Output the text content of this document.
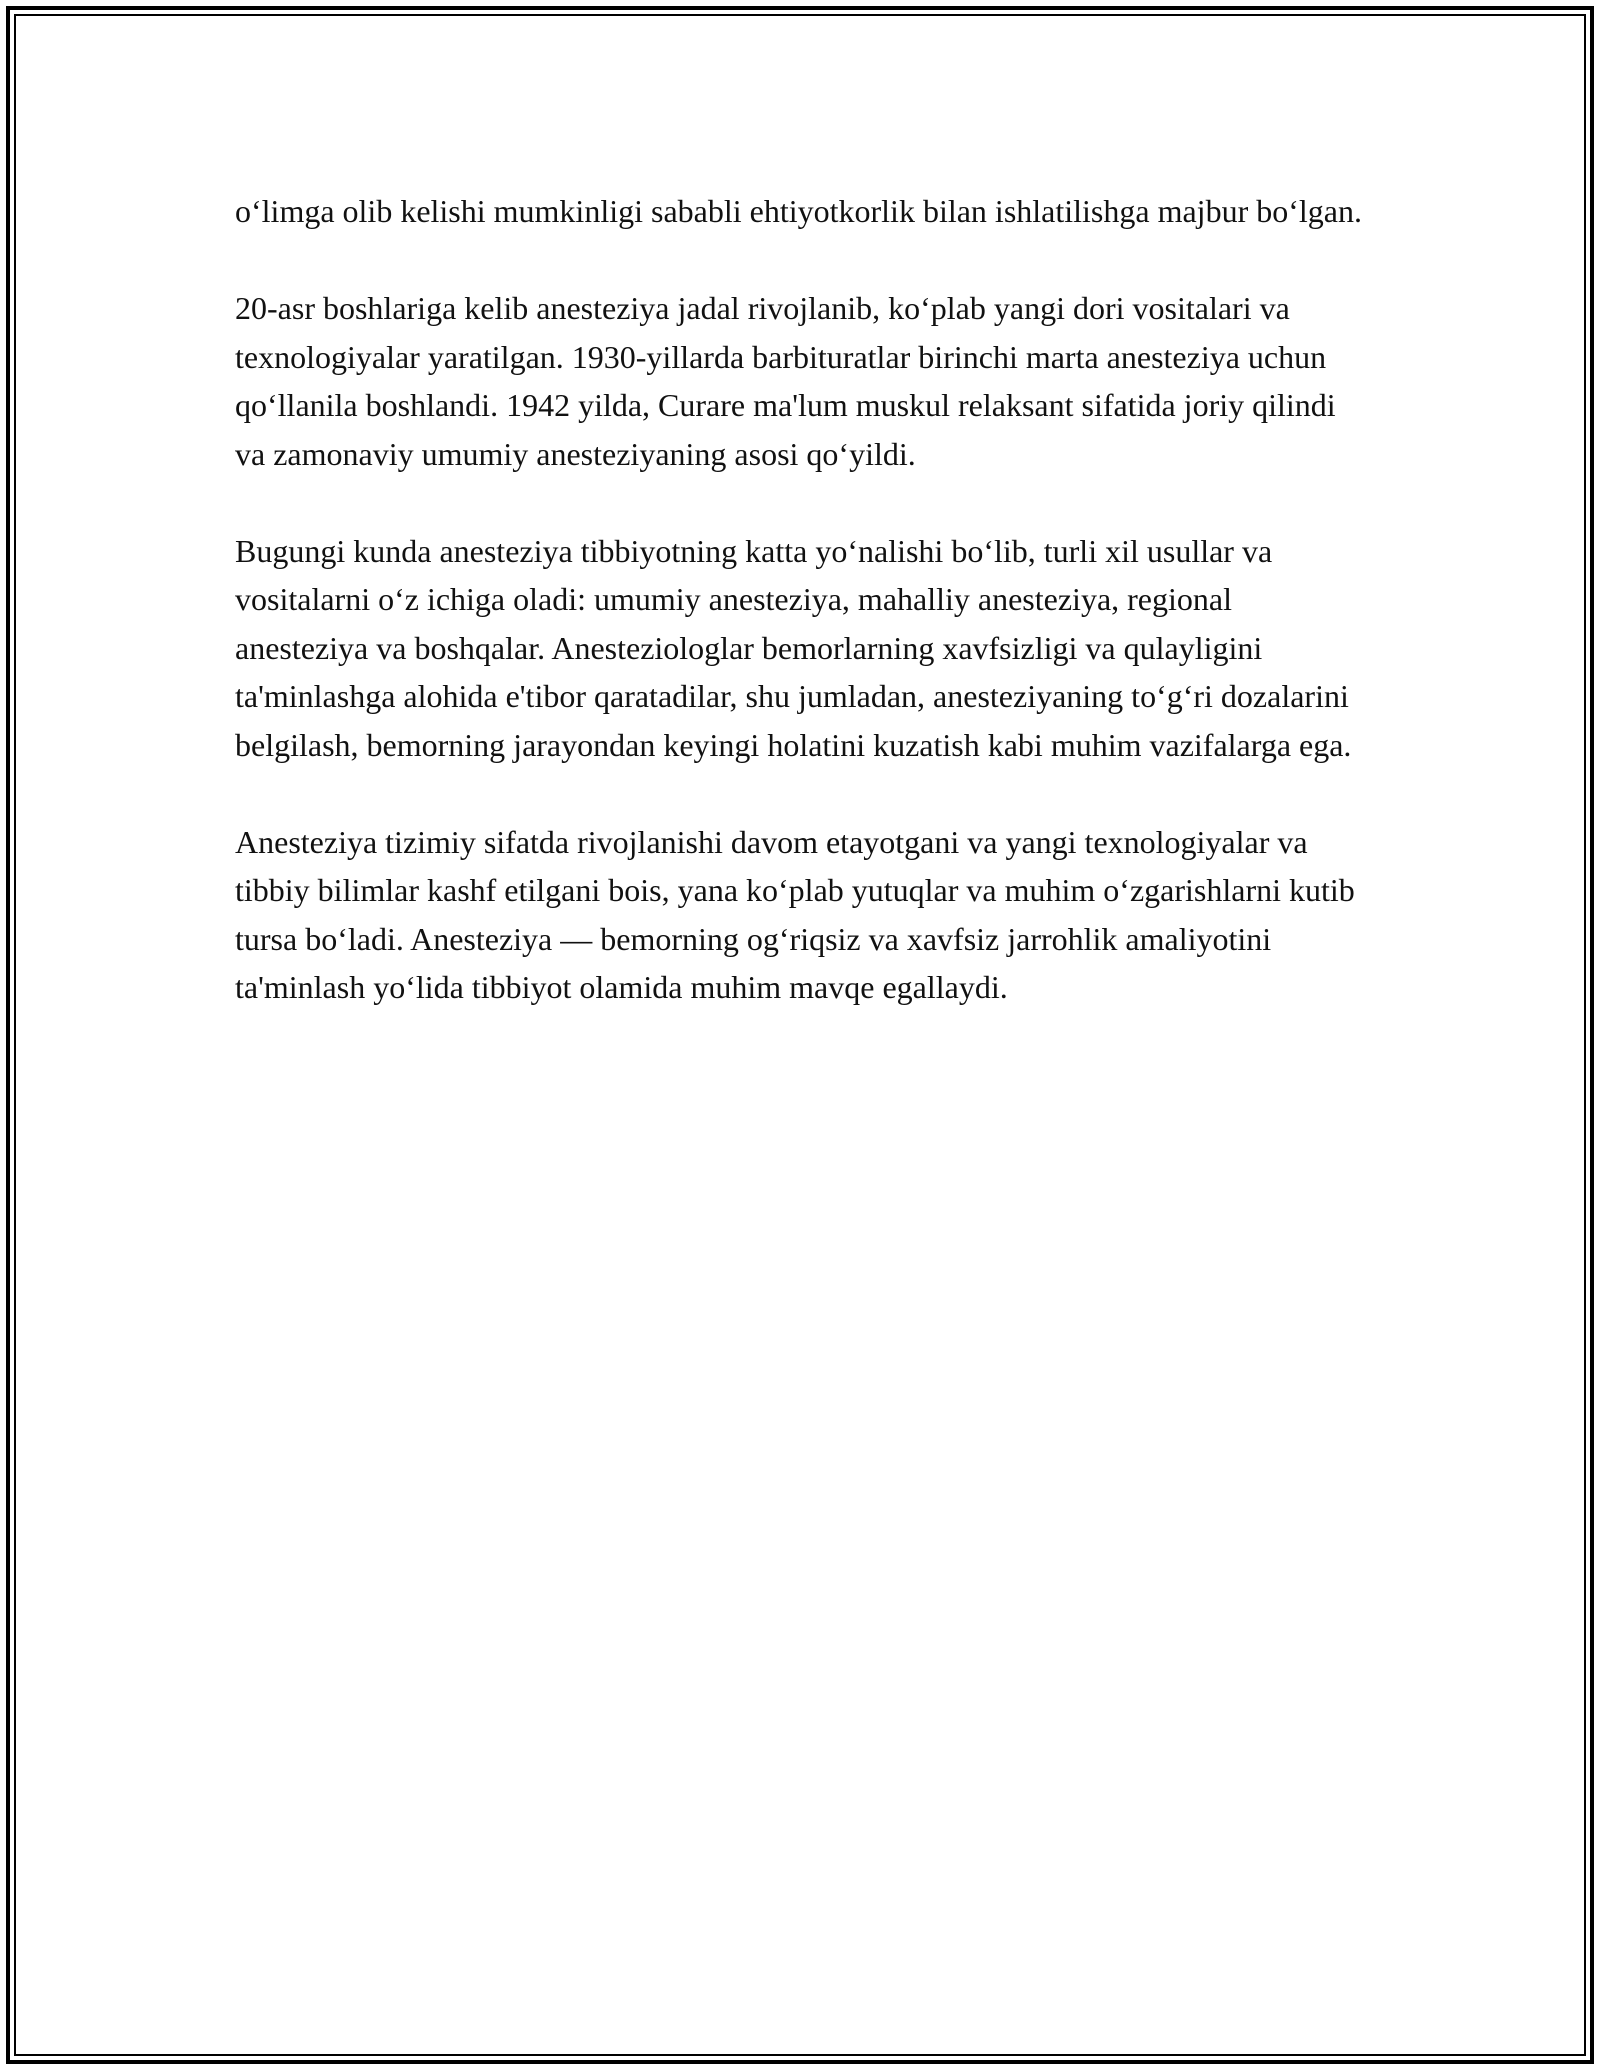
o‘limga olib kelishi mumkinligi sababli ehtiyotkorlik bilan ishlatilishga majbur bo‘lgan.

20-asr boshlariga kelib anesteziya jadal rivojlanib, ko‘plab yangi dori vositalari va texnologiyalar yaratilgan. 1930-yillarda barbituratlar birinchi marta anesteziya uchun qo‘llanila boshlandi. 1942 yilda, Curare ma'lum muskul relaksant sifatida joriy qilindi va zamonaviy umumiy anesteziyaning asosi qo‘yildi.

Bugungi kunda anesteziya tibbiyotning katta yo‘nalishi bo‘lib, turli xil usullar va vositalarni o‘z ichiga oladi: umumiy anesteziya, mahalliy anesteziya, regional anesteziya va boshqalar. Anesteziologlar bemorlarning xavfsizligi va qulayligini ta'minlashga alohida e'tibor qaratadilar, shu jumladan, anesteziyaning to‘g‘ri dozalarini belgilash, bemorning jarayondan keyingi holatini kuzatish kabi muhim vazifalarga ega.

Anesteziya tizimiy sifatda rivojlanishi davom etayotgani va yangi texnologiyalar va tibbiy bilimlar kashf etilgani bois, yana ko‘plab yutuqlar va muhim o‘zgarishlarni kutib tursa bo‘ladi. Anesteziya — bemorning og‘riqsiz va xavfsiz jarrohlik amaliyotini ta'minlash yo‘lida tibbiyot olamida muhim mavqe egallaydi.
